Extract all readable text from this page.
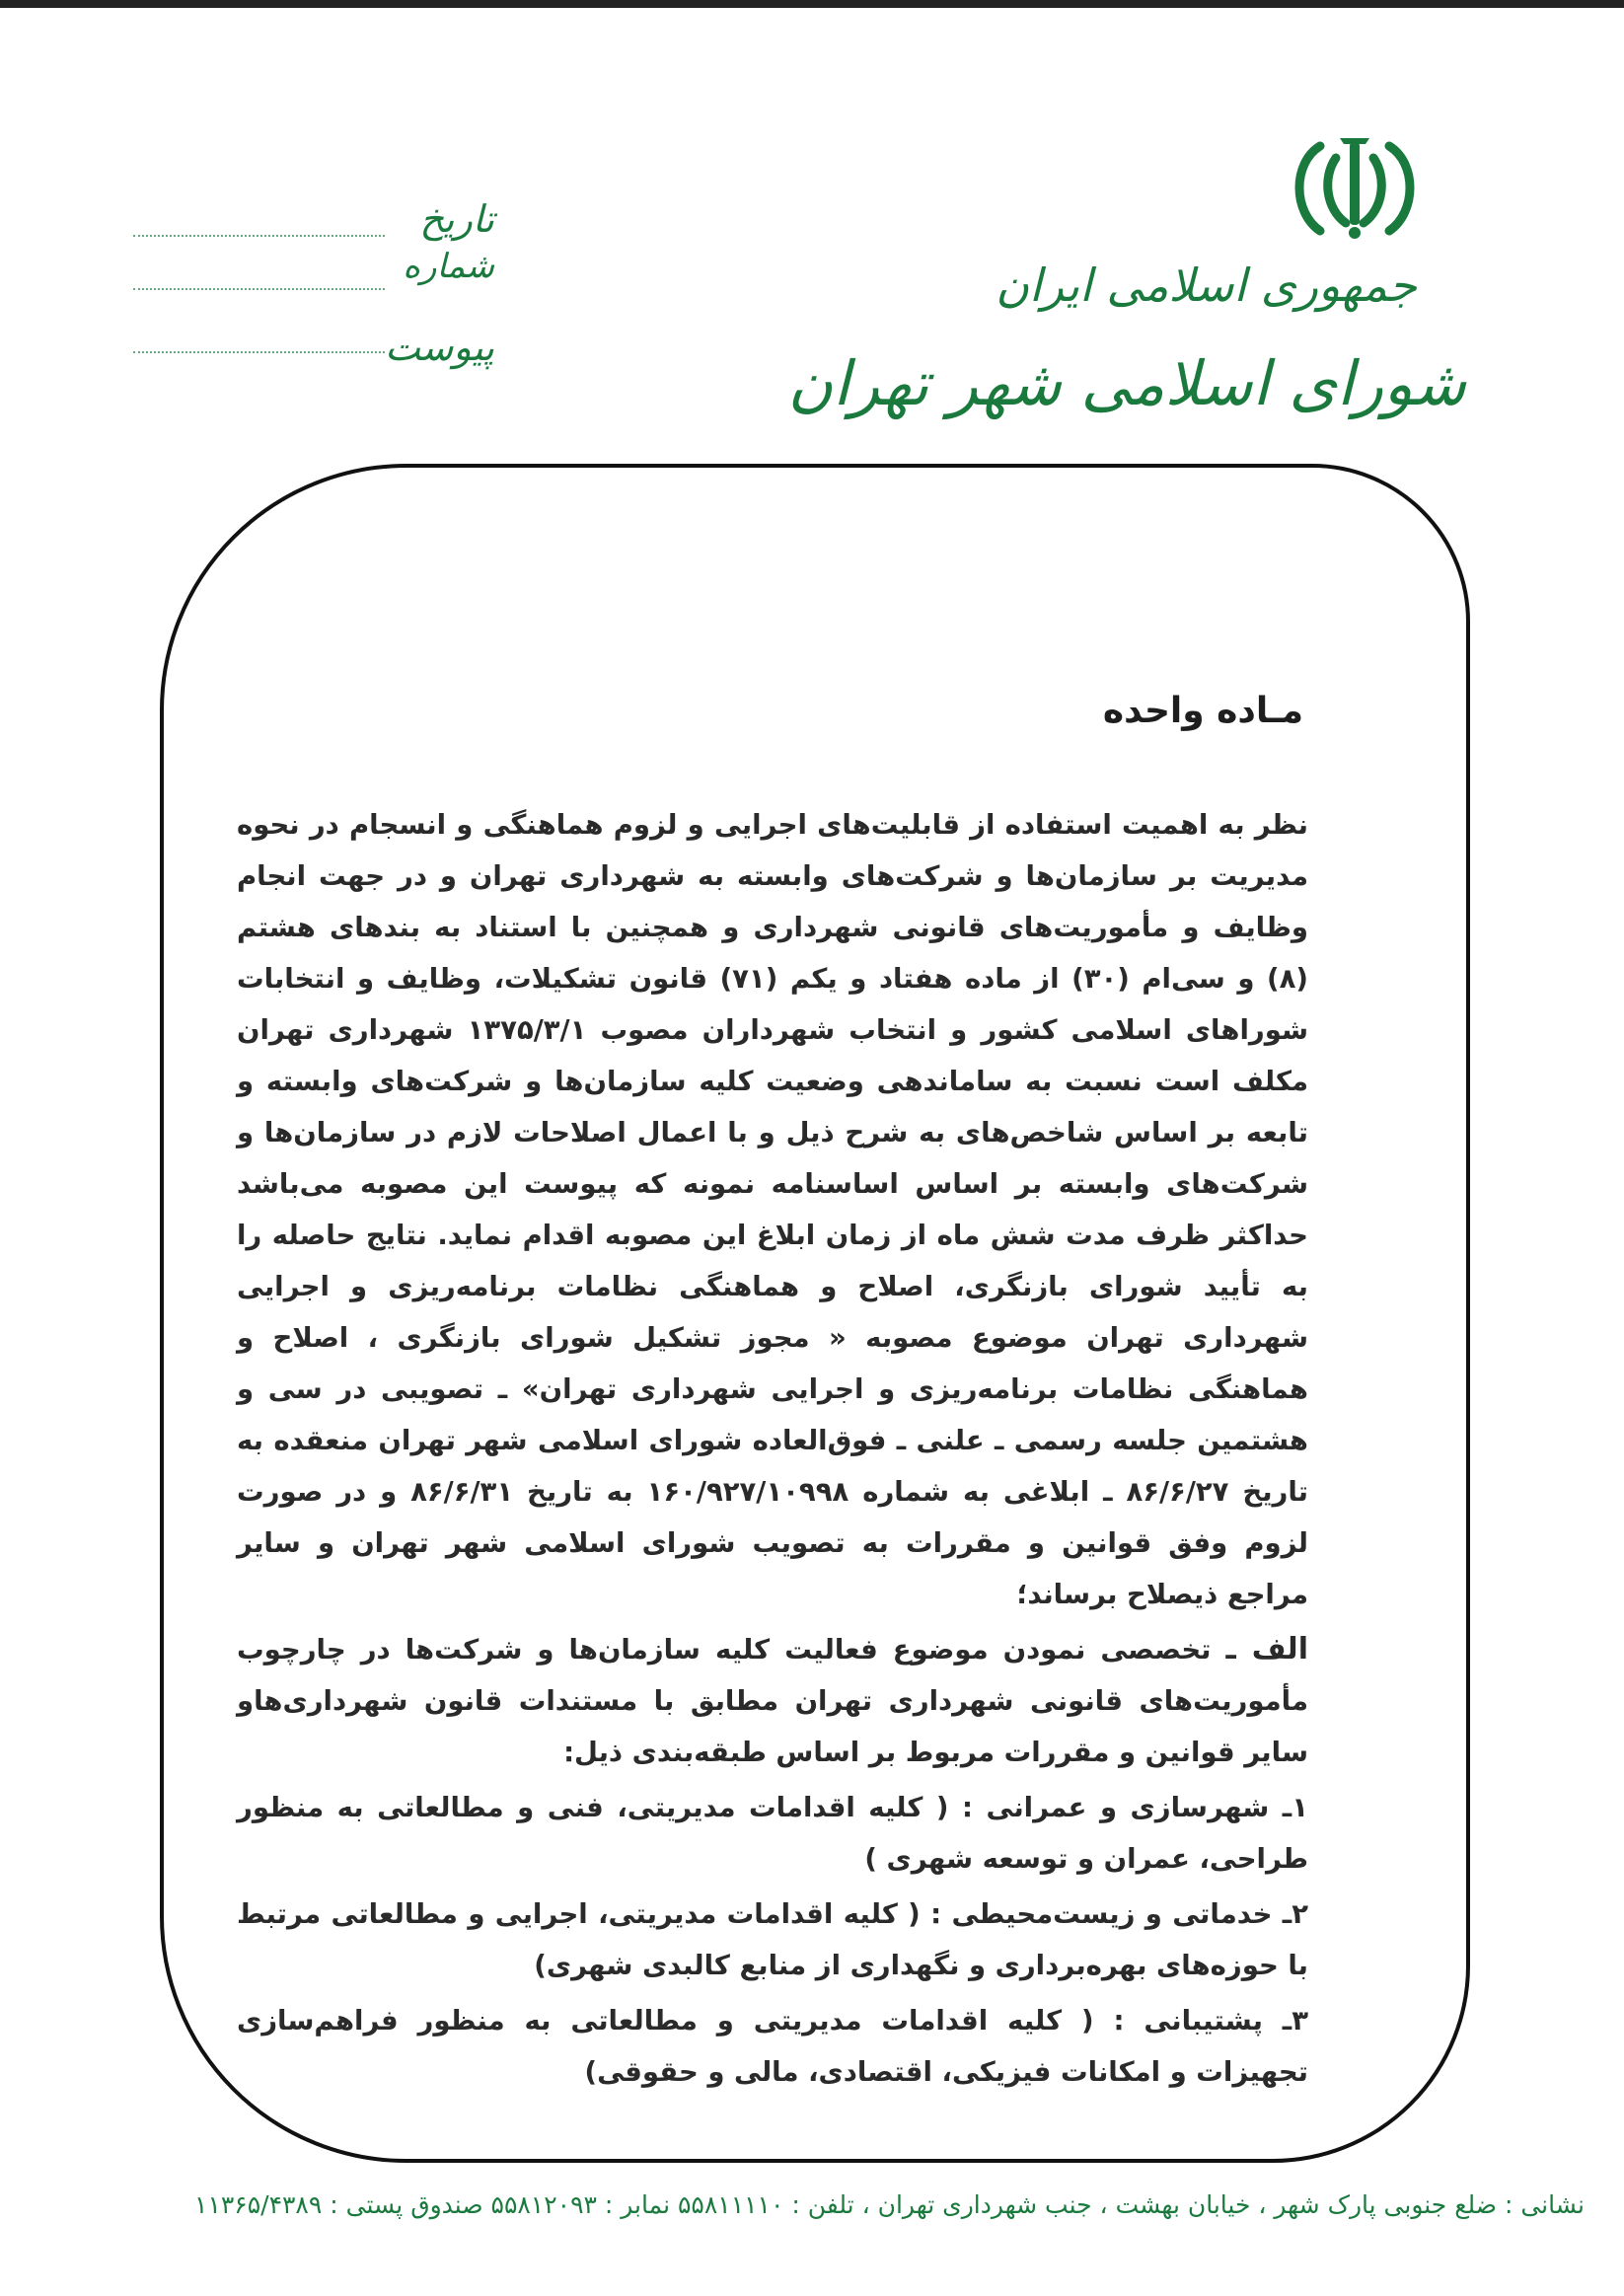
جمهوری اسلامی ایران
شورای اسلامی شهر تهران
تاریخ
شماره
پیوست
مـاده واحده

نظر به اهمیت استفاده از قابلیت‌های اجرایی و لزوم هماهنگی و انسجام در نحوه مدیریت بر سازمان‌ها و شرکت‌های وابسته به شهرداری تهران و در جهت انجام وظایف و مأموریت‌های قانونی شهرداری و همچنین با استناد به بندهای هشتم (۸) و سی‌ام (۳۰) از ماده هفتاد و یکم (۷۱) قانون تشکیلات، وظایف و انتخابات شوراهای اسلامی کشور و انتخاب شهرداران مصوب ۱۳۷۵/۳/۱ شهرداری تهران مکلف است نسبت به ساماندهی وضعیت کلیه سازمان‌ها و شرکت‌های وابسته و تابعه بر اساس شاخص‌های به شرح ذیل و با اعمال اصلاحات لازم در سازمان‌ها و شرکت‌های وابسته بر اساس اساسنامه نمونه که پیوست این مصوبه می‌باشد حداکثر ظرف مدت شش ماه از زمان ابلاغ این مصوبه اقدام نماید. نتایج حاصله را به تأیید شورای بازنگری، اصلاح و هماهنگی نظامات برنامه‌ریزی و اجرایی شهرداری تهران موضوع مصوبه « مجوز تشکیل شورای بازنگری ، اصلاح و هماهنگی نظامات برنامه‌ریزی و اجرایی شهرداری تهران» ـ تصویبی در سی و هشتمین جلسه رسمی ـ علنی ـ فوق‌العاده شورای اسلامی شهر تهران منعقده به تاریخ ۸۶/۶/۲۷ ـ ابلاغی به شماره ۱۶۰/۹۲۷/۱۰۹۹۸ به تاریخ ۸۶/۶/۳۱ و در صورت لزوم وفق قوانین و مقررات به تصویب شورای اسلامی شهر تهران و سایر مراجع ذیصلاح برساند؛

الف ـ تخصصی نمودن موضوع فعالیت کلیه سازمان‌ها و شرکت‌ها در چارچوب مأموریت‌های قانونی شهرداری تهران مطابق با مستندات قانون شهرداری‌هاو سایر قوانین و مقررات مربوط بر اساس طبقه‌بندی ذیل:

۱ـ شهرسازی و عمرانی : ( کلیه اقدامات مدیریتی، فنی و مطالعاتی به منظور طراحی، عمران و توسعه شهری )

۲ـ خدماتی و زیست‌محیطی : ( کلیه اقدامات مدیریتی، اجرایی و مطالعاتی مرتبط با حوزه‌های بهره‌برداری و نگهداری از منابع کالبدی شهری)

۳ـ پشتیبانی : ( کلیه اقدامات مدیریتی و مطالعاتی به منظور فراهم‌سازی تجهیزات و امکانات فیزیکی، اقتصادی، مالی و حقوقی)

نشانی : ضلع جنوبی پارک شهر ، خیابان بهشت ، جنب شهرداری تهران ، تلفن : ۵۵۸۱۱۱۱۰ نمابر : ۵۵۸۱۲۰۹۳ صندوق پستی : ۱۱۳۶۵/۴۳۸۹
